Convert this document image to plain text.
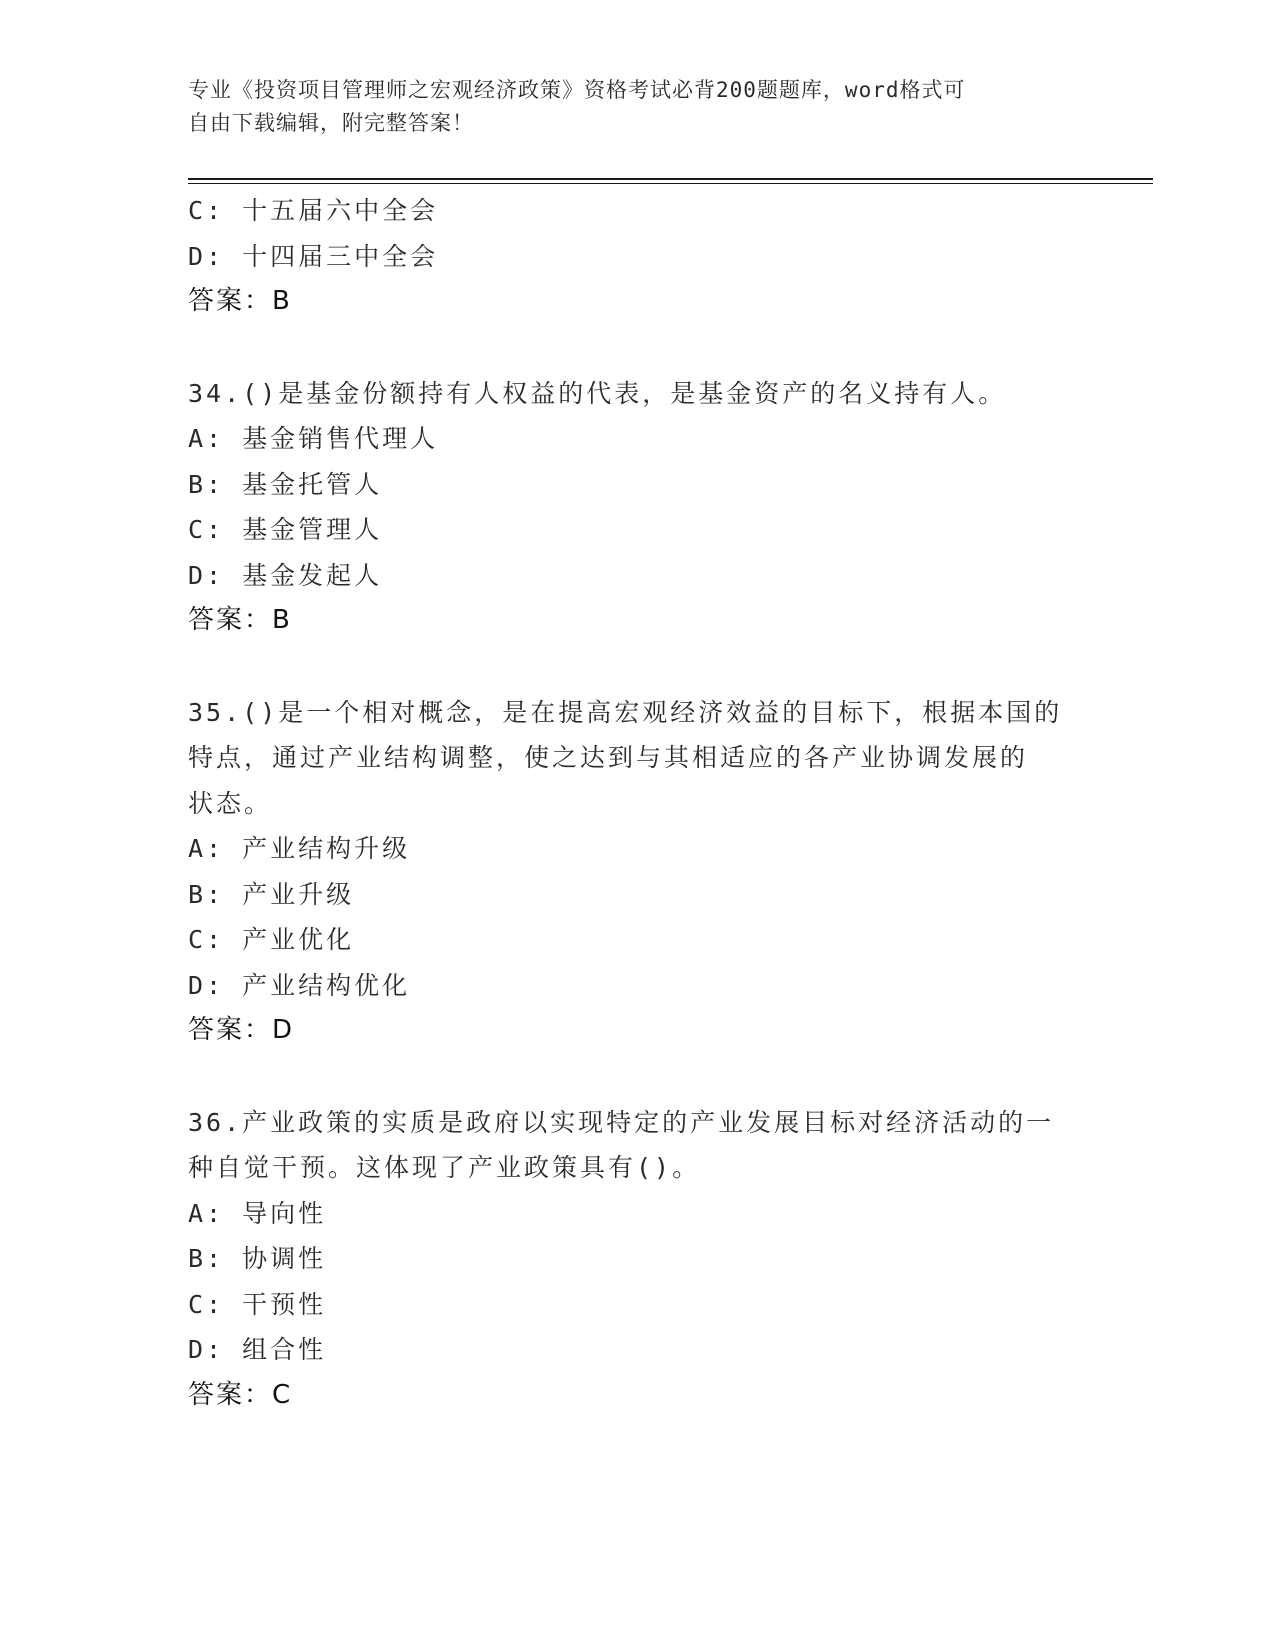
专业《投资项目管理师之宏观经济政策》资格考试必背200题题库，word格式可
自由下载编辑，附完整答案！
C: 十五届六中全会
D: 十四届三中全会
答案：B
34.()是基金份额持有人权益的代表，是基金资产的名义持有人。
A: 基金销售代理人
B: 基金托管人
C: 基金管理人
D: 基金发起人
答案：B
35.()是一个相对概念，是在提高宏观经济效益的目标下，根据本国的
特点，通过产业结构调整，使之达到与其相适应的各产业协调发展的
状态。
A: 产业结构升级
B: 产业升级
C: 产业优化
D: 产业结构优化
答案：D
36.产业政策的实质是政府以实现特定的产业发展目标对经济活动的一
种自觉干预。这体现了产业政策具有()。
A: 导向性
B: 协调性
C: 干预性
D: 组合性
答案：C
